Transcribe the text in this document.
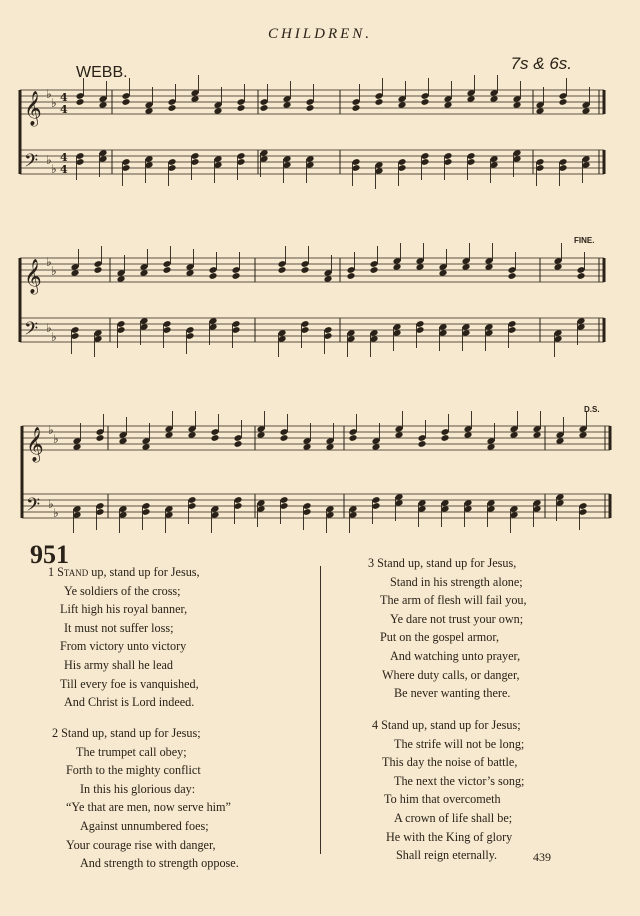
CHILDREN.
WEBB.	7s & 6s.
𝄞 ♭
♭ 4
4
𝄢 ♭
♭
4
4
𝄞 ♭
♭
𝄢 ♭
♭
𝄞 ♭
♭
𝄢 ♭
♭
FINE.
D.S.
951
1 Stand up, stand up for Jesus,
Ye soldiers of the cross;
Lift high his royal banner,
It must not suffer loss;
From victory unto victory
His army shall he lead
Till every foe is vanquished,
And Christ is Lord indeed.
2 Stand up, stand up for Jesus;
The trumpet call obey;
Forth to the mighty conflict
In this his glorious day:
“Ye that are men, now serve him”
Against unnumbered foes;
Your courage rise with danger,
And strength to strength oppose.
3 Stand up, stand up for Jesus,
Stand in his strength alone;
The arm of flesh will fail you,
Ye dare not trust your own;
Put on the gospel armor,
And watching unto prayer,
Where duty calls, or danger,
Be never wanting there.
4 Stand up, stand up for Jesus;
The strife will not be long;
This day the noise of battle,
The next the victor’s song;
To him that overcometh
A crown of life shall be;
He with the King of glory
Shall reign eternally.	439
